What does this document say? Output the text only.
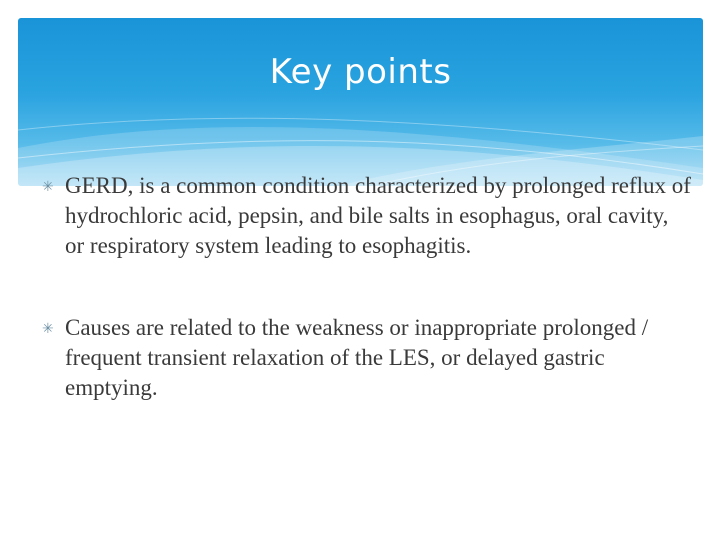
Key points
✳ GERD, is a common condition characterized by prolonged reflux of hydrochloric acid, pepsin, and bile salts in esophagus, oral cavity, or respiratory system leading to esophagitis.
✳ Causes are related to the weakness or inappropriate prolonged / frequent transient relaxation of the LES, or delayed gastric emptying.
